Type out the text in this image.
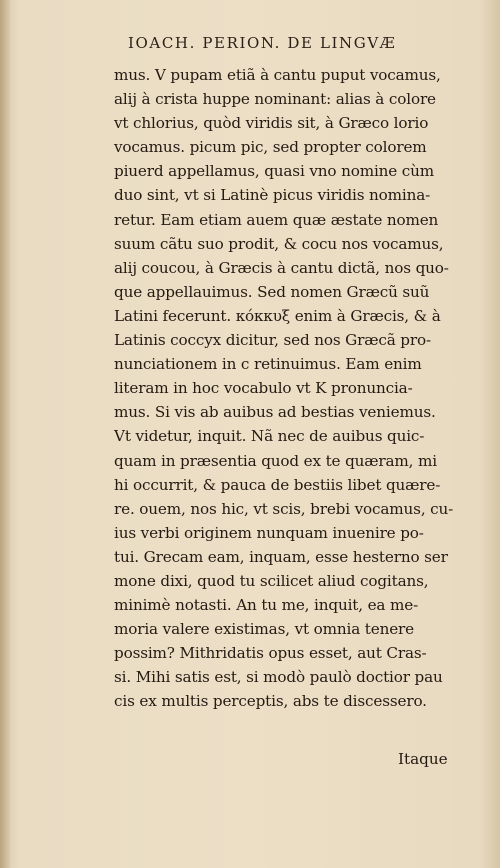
IOACH. PERION. DE LINGVÆ
mus. V pupam etiã à cantu puput vocamus,
alij à crista huppe nominant: alias à colore
vt chlorius, quòd viridis sit, à Græco lorio
vocamus. picum pic, sed propter colorem
piuerd appellamus, quasi vno nomine cùm
duo sint, vt si Latinè picus viridis nomina-
retur. Eam etiam auem quæ æstate nomen
suum cãtu suo prodit, & cocu nos vocamus,
alij coucou, à Græcis à cantu dictã, nos quo-
que appellauimus. Sed nomen Græcũ suũ
Latini fecerunt. κόκκυξ enim à Græcis, & à
Latinis coccyx dicitur, sed nos Græcã pro-
nunciationem in c retinuimus. Eam enim
literam in hoc vocabulo vt K pronuncia-
mus. Si vis ab auibus ad bestias veniemus.
Vt videtur, inquit. Nã nec de auibus quic-
quam in præsentia quod ex te quæram, mi
hi occurrit, & pauca de bestiis libet quære-
re. ouem, nos hic, vt scis, brebi vocamus, cu-
ius verbi originem nunquam inuenire po-
tui. Grecam eam, inquam, esse hesterno ser
mone dixi, quod tu scilicet aliud cogitans,
minimè notasti. An tu me, inquit, ea me-
moria valere existimas, vt omnia tenere
possim? Mithridatis opus esset, aut Cras-
si. Mihi satis est, si modò paulò doctior pau
cis ex multis perceptis, abs te discessero.
Itaque
